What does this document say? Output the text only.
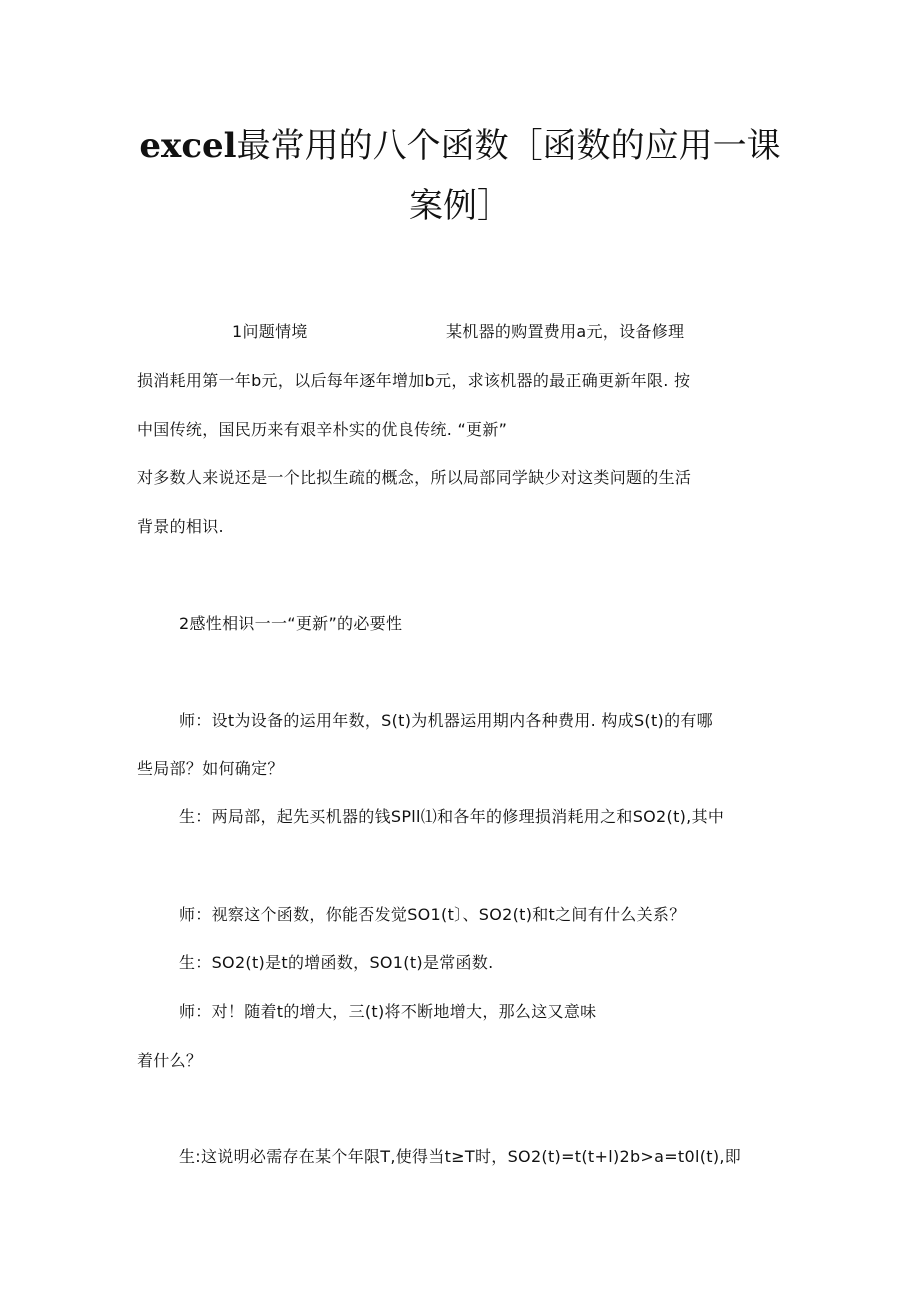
excel最常用的八个函数［函数的应用一课
案例］

1问题情境	某机器的购置费用a元，设备修理

损消耗用第一年b元，以后每年逐年增加b元，求该机器的最正确更新年限. 按

中国传统，国民历来有艰辛朴实的优良传统. “更新”

对多数人来说还是一个比拟生疏的概念，所以局部同学缺少对这类问题的生活

背景的相识.

2感性相识一一“更新”的必要性

师：设t为设备的运用年数，S(t)为机器运用期内各种费用. 构成S(t)的有哪

些局部？如何确定？

生：两局部，起先买机器的钱SPll⑴和各年的修理损消耗用之和SO2(t),其中

师：视察这个函数，你能否发觉SO1(t〕、SO2(t)和t之间有什么关系？

生：SO2(t)是t的增函数，SO1(t)是常函数.

师：对！随着t的增大，三(t)将不断地增大，那么这又意味

着什么？

生:这说明必需存在某个年限T,使得当t≥T时，SO2(t)=t(t+l)2b>a=t0l(t),即
